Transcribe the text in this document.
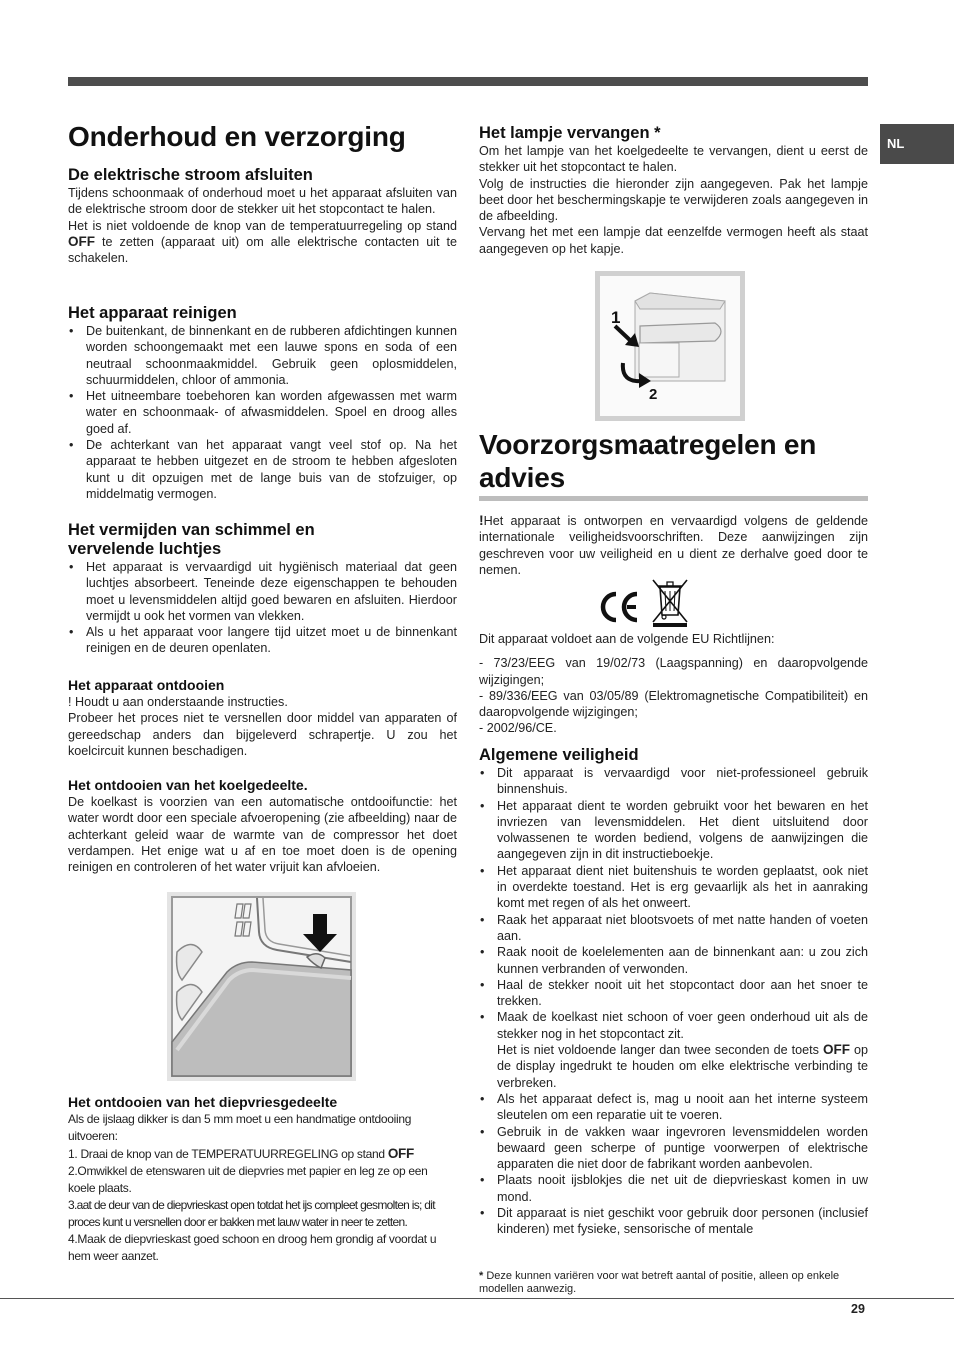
NL
Onderhoud en verzorging
De elektrische stroom afsluiten

Tijdens schoonmaak of onderhoud moet u het apparaat afsluiten van de elektrische stroom door de stekker uit het stopcontact te halen.

Het is niet voldoende de knop van de temperatuurregeling op stand OFF te zetten (apparaat uit) om alle elektrische contacten uit te schakelen.

Het apparaat reinigen
• De buitenkant, de binnenkant en de rubberen afdichtingen kunnen worden schoongemaakt met een lauwe spons en soda of een neutraal schoonmaakmiddel. Gebruik geen oplosmiddelen, schuurmiddelen, chloor of ammonia.
• Het uitneembare toebehoren kan worden afgewassen met warm water en schoonmaak- of afwasmiddelen. Spoel en droog alles goed af.
• De achterkant van het apparaat vangt veel stof op. Na het apparaat te hebben uitgezet en de stroom te hebben afgesloten kunt u dit opzuigen met de lange buis van de stofzuiger, op middelmatig vermogen.
Het vermijden van schimmel en vervelende luchtjes
• Het apparaat is vervaardigd uit hygiënisch materiaal dat geen luchtjes absorbeert. Teneinde deze eigenschappen te behouden moet u levensmiddelen altijd goed bewaren en afsluiten. Hierdoor vermijdt u ook het vormen van vlekken.
• Als u het apparaat voor langere tijd uitzet moet u de binnenkant reinigen en de deuren openlaten.
Het apparaat ontdooien

! Houdt u aan onderstaande instructies.

Probeer het proces niet te versnellen door middel van apparaten of gereedschap anders dan bijgeleverd schrapertje. U zou het koelcircuit kunnen beschadigen.

Het ontdooien van het koelgedeelte.

De koelkast is voorzien van een automatische ontdooifunctie: het water wordt door een speciale afvoeropening (zie afbeelding) naar de achterkant geleid waar de warmte van de compressor het doet verdampen. Het enige wat u af en toe moet doen is de opening reinigen en controleren of het water vrijuit kan afvloeien.

Het ontdooien van het diepvriesgedeelte

Als de ijslaag dikker is dan 5 mm moet u een handmatige ontdooiing uitvoeren:

1. Draai de knop van de TEMPERATUURREGELING op stand OFF

2.Omwikkel de etenswaren uit de diepvries met papier en leg ze op een koele plaats.

3.aat de deur van de diepvrieskast open totdat het ijs compleet gesmolten is; dit proces kunt u versnellen door er bakken met lauw water in neer te zetten.

4.Maak de diepvrieskast goed schoon en droog hem grondig af voordat u hem weer aanzet.

Het lampje vervangen *

Om het lampje van het koelgedeelte te vervangen, dient u eerst de stekker uit het stopcontact te halen.

Volg de instructies die hieronder zijn aangegeven. Pak het lampje beet door het beschermingskapje te verwijderen zoals aangegeven in de afbeelding.

Vervang het met een lampje dat eenzelfde vermogen heeft als staat aangegeven op het kapje.

1
2
Voorzorgsmaatregelen en advies

!Het apparaat is ontworpen en vervaardigd volgens de geldende internationale veiligheidsvoorschriften. Deze aanwijzingen zijn geschreven voor uw veiligheid en u dient ze derhalve goed door te nemen.

Dit apparaat voldoet aan de volgende EU Richtlijnen:

- 73/23/EEG van 19/02/73 (Laagspanning) en daaropvolgende wijzigingen;

- 89/336/EEG van 03/05/89 (Elektromagnetische Compatibiliteit) en daaropvolgende wijzigingen;

- 2002/96/CE.

Algemene veiligheid
• Dit apparaat is vervaardigd voor niet-professioneel gebruik binnenshuis.
• Het apparaat dient te worden gebruikt voor het bewaren en het invriezen van levensmiddelen. Het dient uitsluitend door volwassenen te worden bediend, volgens de aanwijzingen die aangegeven zijn in dit instructieboekje.
• Het apparaat dient niet buitenshuis te worden geplaatst, ook niet in overdekte toestand. Het is erg gevaarlijk als het in aanraking komt met regen of als het onweert.
• Raak het apparaat niet blootsvoets of met natte handen of voeten aan.
• Raak nooit de koelelementen aan de binnenkant aan: u zou zich kunnen verbranden of verwonden.
• Haal de stekker nooit uit het stopcontact door aan het snoer te trekken.
• Maak de koelkast niet schoon of voer geen onderhoud uit als de stekker nog in het stopcontact zit.

Het is niet voldoende langer dan twee seconden de toets OFF op de display ingedrukt te houden om elke elektrische verbinding te verbreken.

• Als het apparaat defect is, mag u nooit aan het interne systeem sleutelen om een reparatie uit te voeren.
• Gebruik in de vakken waar ingevroren levensmiddelen worden bewaard geen scherpe of puntige voorwerpen of elektrische apparaten die niet door de fabrikant worden aanbevolen.
• Plaats nooit ijsblokjes die net uit de diepvrieskast komen in uw mond.
• Dit apparaat is niet geschikt voor gebruik door personen (inclusief kinderen) met fysieke, sensorische of mentale
* Deze kunnen variëren voor wat betreft aantal of positie, alleen op enkele modellen aanwezig.
29
